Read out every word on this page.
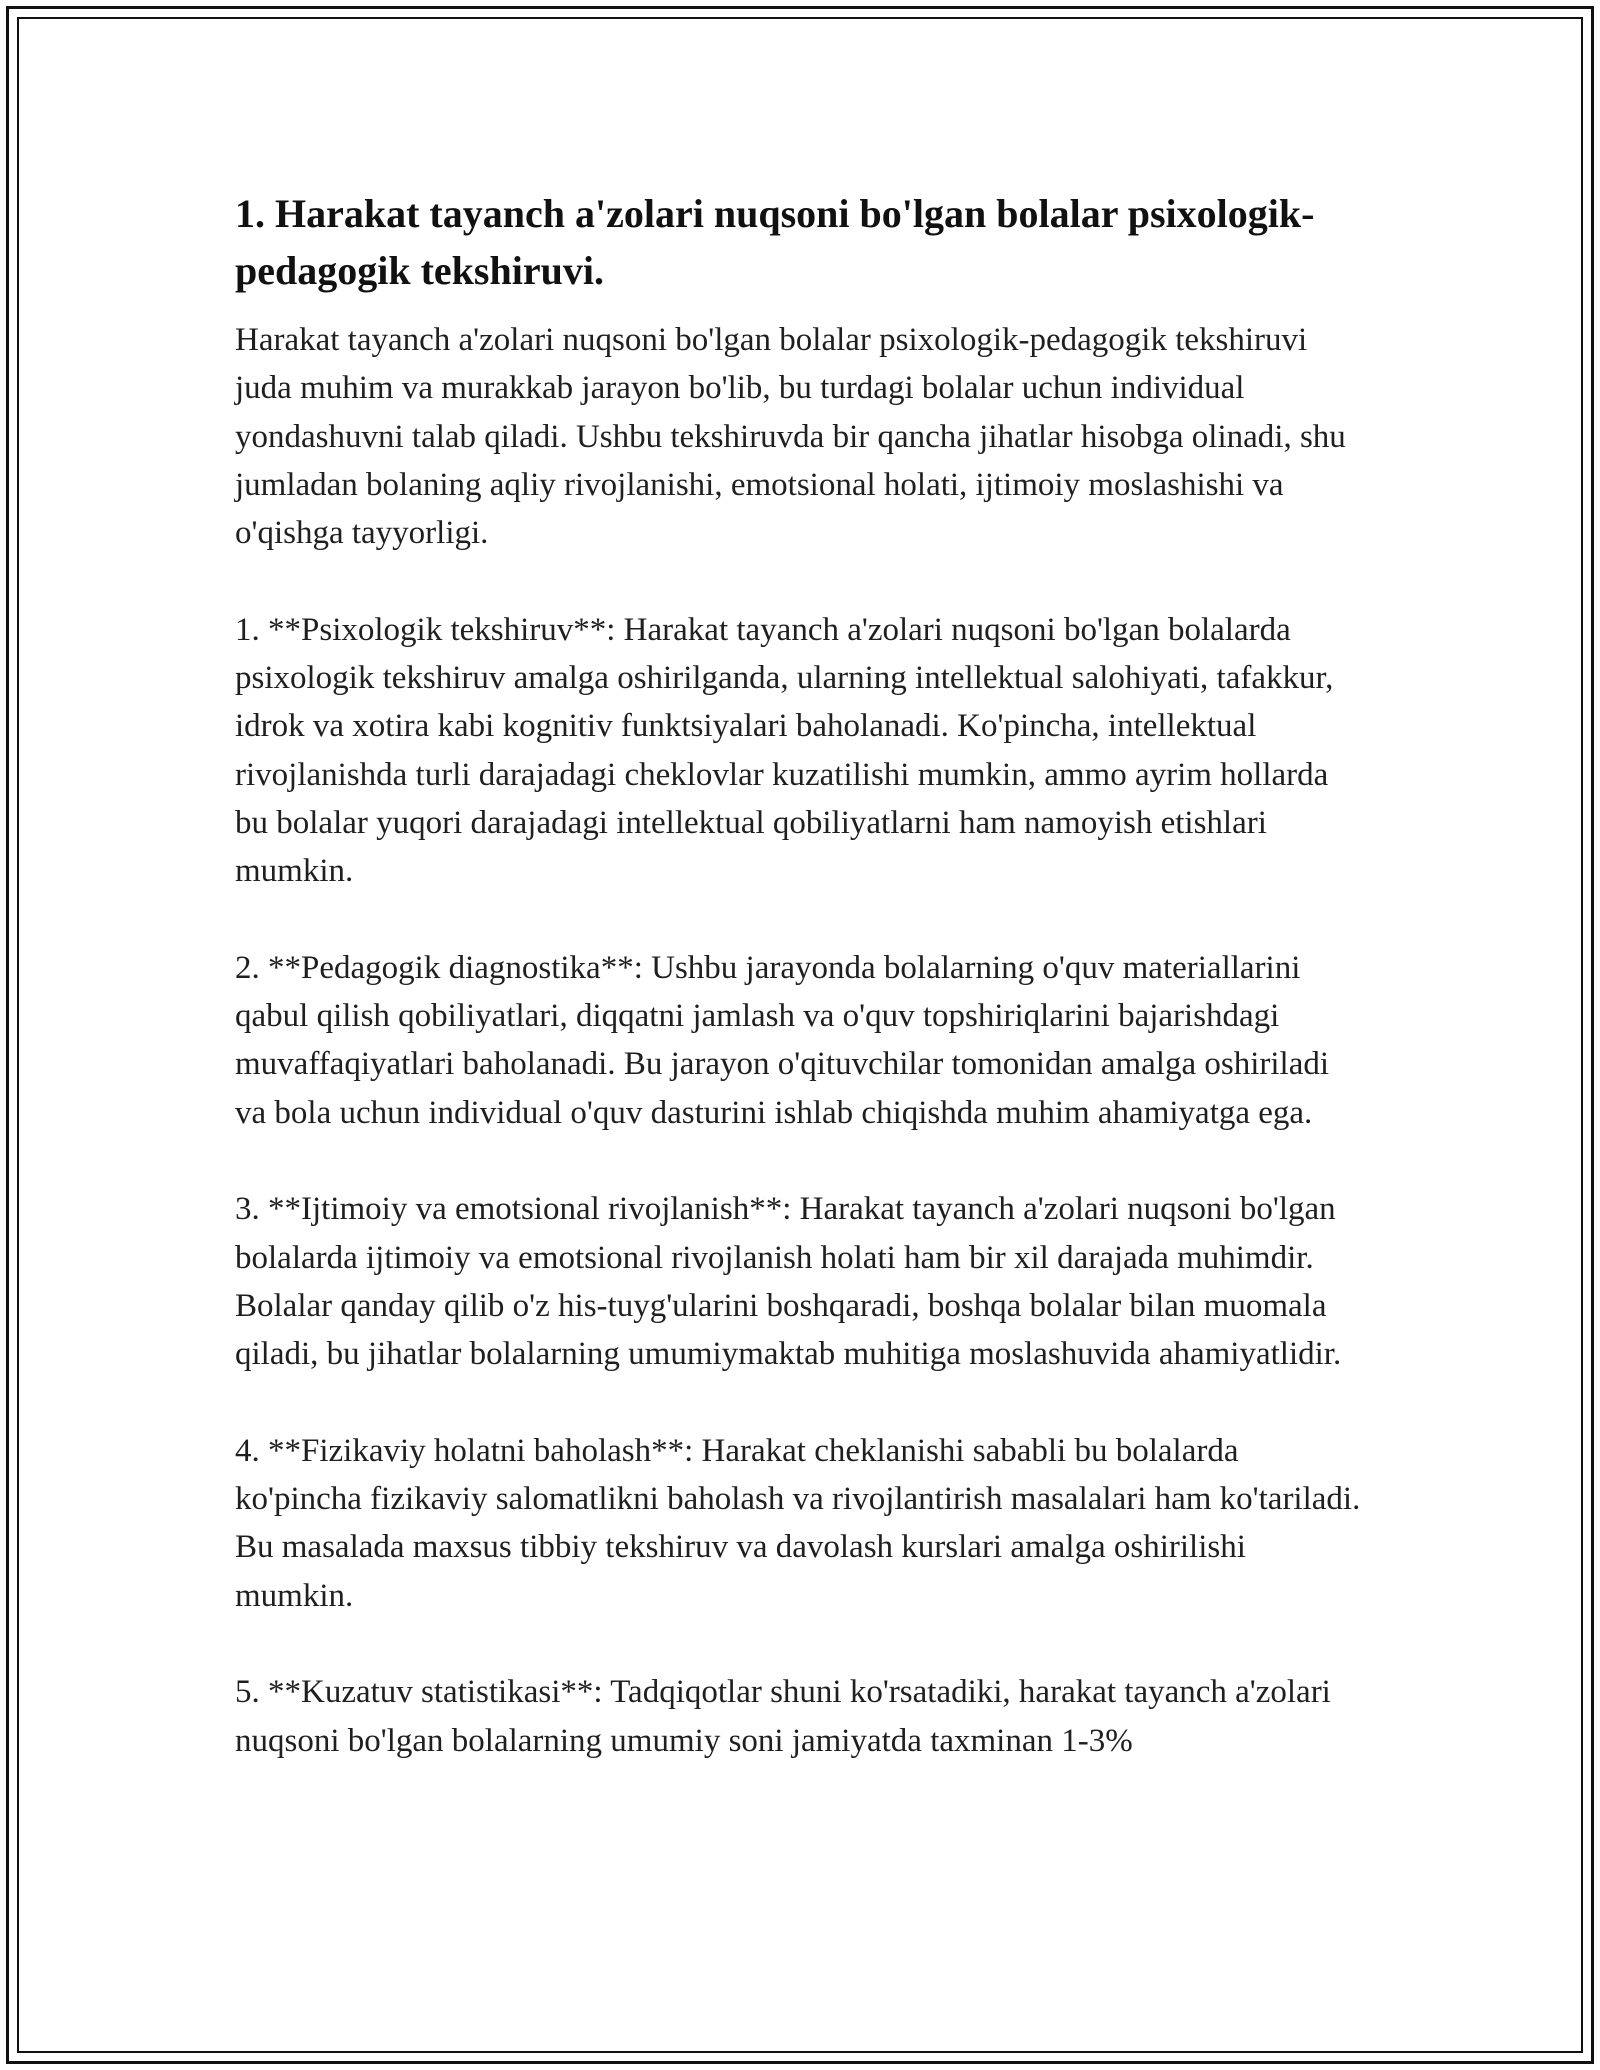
1. Harakat tayanch a'zolari nuqsoni bo'lgan bolalar psixologik-pedagogik tekshiruvi.

Harakat tayanch a'zolari nuqsoni bo'lgan bolalar psixologik-pedagogik tekshiruvi juda muhim va murakkab jarayon bo'lib, bu turdagi bolalar uchun individual yondashuvni talab qiladi. Ushbu tekshiruvda bir qancha jihatlar hisobga olinadi, shu jumladan bolaning aqliy rivojlanishi, emotsional holati, ijtimoiy moslashishi va o'qishga tayyorligi.

1. **Psixologik tekshiruv**: Harakat tayanch a'zolari nuqsoni bo'lgan bolalarda psixologik tekshiruv amalga oshirilganda, ularning intellektual salohiyati, tafakkur, idrok va xotira kabi kognitiv funktsiyalari baholanadi. Ko'pincha, intellektual rivojlanishda turli darajadagi cheklovlar kuzatilishi mumkin, ammo ayrim hollarda bu bolalar yuqori darajadagi intellektual qobiliyatlarni ham namoyish etishlari mumkin.

2. **Pedagogik diagnostika**: Ushbu jarayonda bolalarning o'quv materiallarini qabul qilish qobiliyatlari, diqqatni jamlash va o'quv topshiriqlarini bajarishdagi muvaffaqiyatlari baholanadi. Bu jarayon o'qituvchilar tomonidan amalga oshiriladi va bola uchun individual o'quv dasturini ishlab chiqishda muhim ahamiyatga ega.

3. **Ijtimoiy va emotsional rivojlanish**: Harakat tayanch a'zolari nuqsoni bo'lgan bolalarda ijtimoiy va emotsional rivojlanish holati ham bir xil darajada muhimdir. Bolalar qanday qilib o'z his-tuyg'ularini boshqaradi, boshqa bolalar bilan muomala qiladi, bu jihatlar bolalarning umumiymaktab muhitiga moslashuvida ahamiyatlidir.

4. **Fizikaviy holatni baholash**: Harakat cheklanishi sababli bu bolalarda ko'pincha fizikaviy salomatlikni baholash va rivojlantirish masalalari ham ko'tariladi. Bu masalada maxsus tibbiy tekshiruv va davolash kurslari amalga oshirilishi mumkin.

5. **Kuzatuv statistikasi**: Tadqiqotlar shuni ko'rsatadiki, harakat tayanch a'zolari nuqsoni bo'lgan bolalarning umumiy soni jamiyatda taxminan 1-3%
